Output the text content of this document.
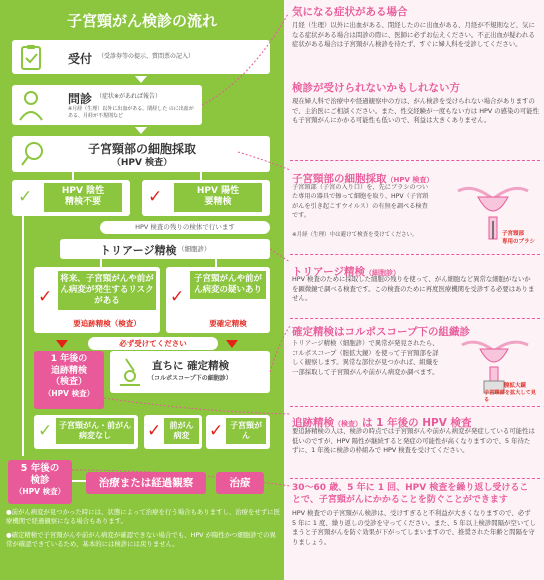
子宮頸がん検診の流れ
受付 （受診券等の提示、質問票の記入）
問診 （症状※があれば報告）
※月経（生理）以外に出血がある、閉経した のに出血がある、月経が不規則など
子宮頸部の細胞採取
（HPV 検査）
✓	HPV 陰性
精検不要	✓	HPV 陽性
要精検
HPV 検査の残りの検体で行います
トリアージ精検 （細胞診）
✓
将来、子宮頸がんや前がん病変が発生するリスクがある
要追跡精検（検査）
✓
子宮頸がんや前がん病変の疑いあり
要確定精検
必ず受けてください
1 年後の
追跡精検
（検査）
（HPV 検査）
直ちに 確定精検
（コルポスコープ下の細胞診）
✓ 子宮頸がん・前がん病変なし	✓	前がん病変	✓ 子宮頸がん
5 年後の
検診
（HPV 検査）
治療または経過観察	治療
●前がん病変が見つかった時には、状態によって治療を行う場合もありますし、治療をせずに医療機関で経過観察になる場合もあります。
●確定精検で子宮頸がんや前がん病変が確認できない場合でも、HPV が陽性かつ細胞診での異常が確認できているため、基本的には検診には戻りません。
気になる症状がある場合
月経（生理）以外に出血がある、閉経したのに出血がある、月経が不規則など、気になる症状がある場合は問診の際に、医師に必ずお伝えください。不正出血が疑われる症状がある場合は子宮頸がん検診を待たず、すぐに婦人科を受診してください。
検診が受けられないかもしれない方
現在婦人科で治療中や経過観察中の方は、がん検診を受けられない場合がありますので、主治医にご相談ください。また、性交経験が一度もない方は HPV の感染の可能性も子宮頸がんにかかる可能性も低いので、利益は大きくありません。
子宮頸部の細胞採取（HPV 検査）
子宮頸部（子宮の入り口）を、先にブラシのついた専用の器具で擦って細胞を取り、HPV（子宮頸がんを引き起こすウイルス）の有無を調べる検査です。
※月経（生理）中は避けて検査を受けてください。	子宮頸部
専用のブラシ
トリアージ精検（細胞診）
HPV 検査のために採取した細胞の残りを使って、がん細胞など異常な細胞がないかを顕微鏡で調べる検査です。この検査のために再度医療機関を受診する必要はありません。
確定精検はコルポスコープ下の組織診
トリアージ精検（細胞診）で異常が発見されたら、コルポスコープ（膣拡大鏡）を使って子宮頸部を詳しく観察します。異常な部位が見つかれば、組織を一部採取して子宮頸がんや前がん病変か調べます。
膣拡大鏡
子宮頸部を拡大して見る
追跡精検（検査）は 1 年後の HPV 検査
要追跡精検の人は、検診の時点では子宮頸がんや前がん病変が発症している可能性は低いのですが、HPV 陽性が継続すると発症の可能性が高くなりますので、5 年待たずに、1 年後に検診の枠組みで HPV 検査を受けてください。
30～60 歳、5 年に 1 回、HPV 検査を繰り返し受けることで、子宮頸がんにかかることを防ぐことができます
HPV 検査での子宮頸がん検診は、受けすぎると不利益が大きくなりますので、必ず 5 年に 1 度、繰り返しの受診を守ってください。また、5 年以上検診間隔が空いてしまうと子宮頸がんを防ぐ効果が下がってしまいますので、推奨された年齢と間隔を守りましょう。
